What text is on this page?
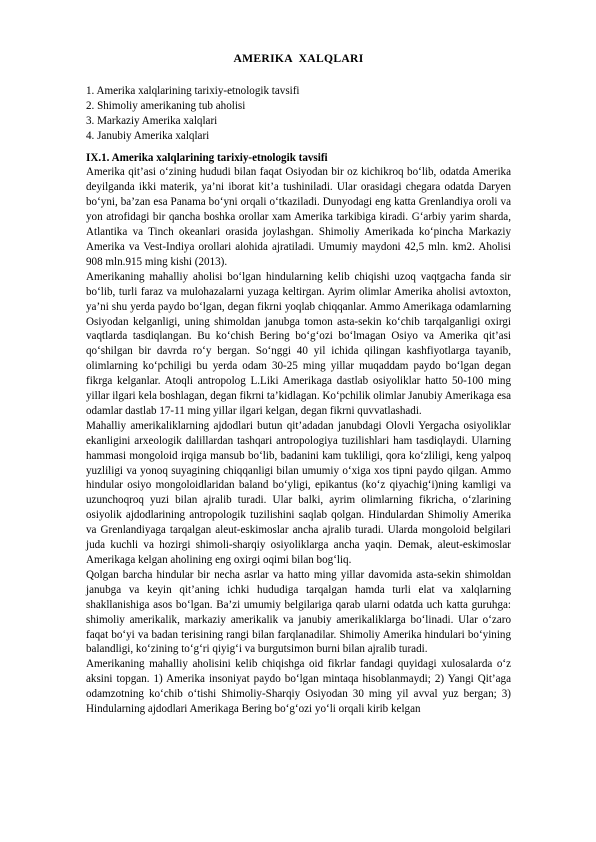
AMERIKA  XALQLARI
1. Amerika xalqlarining tarixiy-etnologik tavsifi
2. Shimoliy amerikaning tub aholisi
3. Markaziy Amerika xalqlari
4. Janubiy Amerika xalqlari
IX.1. Amerika xalqlarining tarixiy-etnologik tavsifi

Amerika qit’asi o‘zining hududi bilan faqat Osiyodan bir oz kichikroq bo‘lib, odatda Amerika deyilganda ikki materik, ya’ni iborat kit’a tushiniladi. Ular orasidagi chegara odatda Daryen bo‘yni, ba’zan esa Panama bo‘yni orqali o‘tkaziladi. Dunyodagi eng katta Grenlandiya oroli va yon atrofidagi bir qancha boshka orollar xam Amerika tarkibiga kiradi. G‘arbiy yarim sharda, Atlantika va Tinch okeanlari orasida joylashgan. Shimoliy Amerikada ko‘pincha Markaziy Amerika va Vest-Indiya orollari alohida ajratiladi. Umumiy maydoni 42,5 mln. km2. Aholisi 908 mln.915 ming kishi (2013).

Amerikaning mahalliy aholisi bo‘lgan hindularning kelib chiqishi uzoq vaqtgacha fanda sir bo‘lib, turli faraz va mulohazalarni yuzaga keltirgan. Ayrim olimlar Amerika aholisi avtoxton, ya’ni shu yerda paydo bo‘lgan, degan fikrni yoqlab chiqqanlar. Ammo Amerikaga odamlarning Osiyodan kelganligi, uning shimoldan janubga tomon asta-sekin ko‘chib tarqalganligi oxirgi vaqtlarda tasdiqlangan. Bu ko‘chish Bering bo‘g‘ozi bo‘lmagan Osiyo va Amerika qit’asi qo‘shilgan bir davrda ro‘y bergan. So‘nggi 40 yil ichida qilingan kashfiyotlarga tayanib, olimlarning ko‘pchiligi bu yerda odam 30-25 ming yillar muqaddam paydo bo‘lgan degan fikrga kelganlar. Atoqli antropolog L.Liki Amerikaga dastlab osiyoliklar hatto 50-100 ming yillar ilgari kela boshlagan, degan fikrni ta’kidlagan. Ko‘pchilik olimlar Janubiy Amerikaga esa odamlar dastlab 17-11 ming yillar ilgari kelgan, degan fikrni quvvatlashadi.

Mahalliy amerikaliklarning ajdodlari butun qit’adadan janubdagi Olovli Yergacha osiyoliklar ekanligini arxeologik dalillardan tashqari antropologiya tuzilishlari ham tasdiqlaydi. Ularning hammasi mongoloid irqiga mansub bo‘lib, badanini kam tukliligi, qora ko‘zliligi, keng yalpoq yuzliligi va yonoq suyagining chiqqanligi bilan umumiy o‘xiga xos tipni paydo qilgan. Ammo hindular osiyo mongoloidlaridan baland bo‘yligi, epikantus (ko‘z qiyachig‘i)ning kamligi va uzunchoqroq yuzi bilan ajralib turadi. Ular balki, ayrim olimlarning fikricha, o‘zlarining osiyolik ajdodlarining antropologik tuzilishini saqlab qolgan. Hindulardan Shimoliy Amerika va Grenlandiyaga tarqalgan aleut-eskimoslar ancha ajralib turadi. Ularda mongoloid belgilari juda kuchli va hozirgi shimoli-sharqiy osiyoliklarga ancha yaqin. Demak, aleut-eskimoslar Amerikaga kelgan aholining eng oxirgi oqimi bilan bog‘liq.

Qolgan barcha hindular bir necha asrlar va hatto ming yillar davomida asta-sekin shimoldan janubga va keyin qit’aning ichki hududiga tarqalgan hamda turli elat va xalqlarning shakllanishiga asos bo‘lgan. Ba’zi umumiy belgilariga qarab ularni odatda uch katta guruhga: shimoliy amerikalik, markaziy amerikalik va janubiy amerikaliklarga bo‘linadi. Ular o‘zaro faqat bo‘yi va badan terisining rangi bilan farqlanadilar. Shimoliy Amerika hindulari bo‘yining balandligi, ko‘zining to‘g‘ri qiyig‘i va burgutsimon burni bilan ajralib turadi.

Amerikaning mahalliy aholisini kelib chiqishga oid fikrlar fandagi quyidagi xulosalarda o‘z aksini topgan. 1) Amerika insoniyat paydo bo‘lgan mintaqa hisoblanmaydi; 2) Yangi Qit’aga odamzotning ko‘chib o‘tishi Shimoliy-Sharqiy Osiyodan 30 ming yil avval yuz bergan; 3) Hindularning ajdodlari Amerikaga Bering bo‘g‘ozi yo‘li orqali kirib kelgan
